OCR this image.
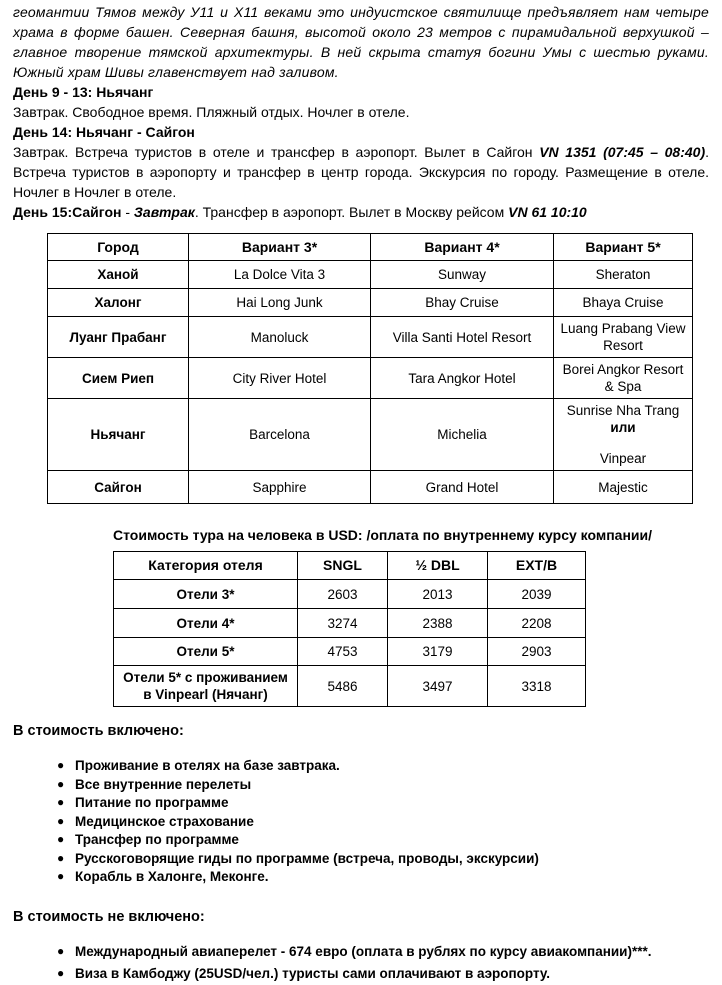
геомантии Тямов между У11 и Х11 веками это индуистское святилище предъявляет нам четыре храма в форме башен. Северная башня, высотой около 23 метров с пирамидальной верхушкой – главное творение тямской архитектуры. В ней скрыта статуя богини Умы с шестью руками. Южный храм Шивы главенствует над заливом.

День 9 - 13: Ньячанг

Завтрак. Свободное время. Пляжный отдых. Ночлег в отеле.

День 14: Ньячанг - Сайгон

Завтрак. Встреча туристов в отеле и трансфер в аэропорт. Вылет в Сайгон VN 1351 (07:45 – 08:40). Встреча туристов в аэропорту и трансфер в центр города. Экскурсия по городу. Размещение в отеле. Ночлег в Ночлег в отеле.

День 15:Сайгон - Завтрак. Трансфер в аэропорт. Вылет в Москву рейсом VN 61 10:10

Город	Вариант 3*	Вариант 4*	Вариант 5*
Ханой	La Dolce Vita 3	Sunway	Sheraton
Халонг	Hai Long Junk	Bhay Cruise	Bhaya Cruise
Луанг Прабанг	Manoluck	Villa Santi Hotel Resort	Luang Prabang View Resort
Сием Риеп	City River Hotel	Tara Angkor Hotel	Borei Angkor Resort & Spa
Ньячанг	Barcelona	Michelia	Sunrise Nha Trang или
Vinpear
Сайгон	Sapphire	Grand Hotel	Majestic

Стоимость тура на человека в USD: /оплата по внутреннему курсу компании/

Категория отеля	SNGL	½ DBL	EXT/B
Отели 3*	2603	2013	2039
Отели 4*	3274	2388	2208
Отели 5*	4753	3179	2903
Отели 5* с проживанием в Vinpearl (Нячанг)	5486	3497	3318

В стоимость включено:

● Проживание в отелях на базе завтрака.
● Все внутренние перелеты
● Питание по программе
● Медицинское страхование
● Трансфер по программе
● Русскоговорящие гиды по программе (встреча, проводы, экскурсии)
● Корабль в Халонге, Меконге.

В стоимость не включено:

● Международный авиаперелет - 674 евро (оплата в рублях по курсу авиакомпании)***.
● Виза в Камбоджу (25USD/чел.) туристы сами оплачивают в аэропорту.
